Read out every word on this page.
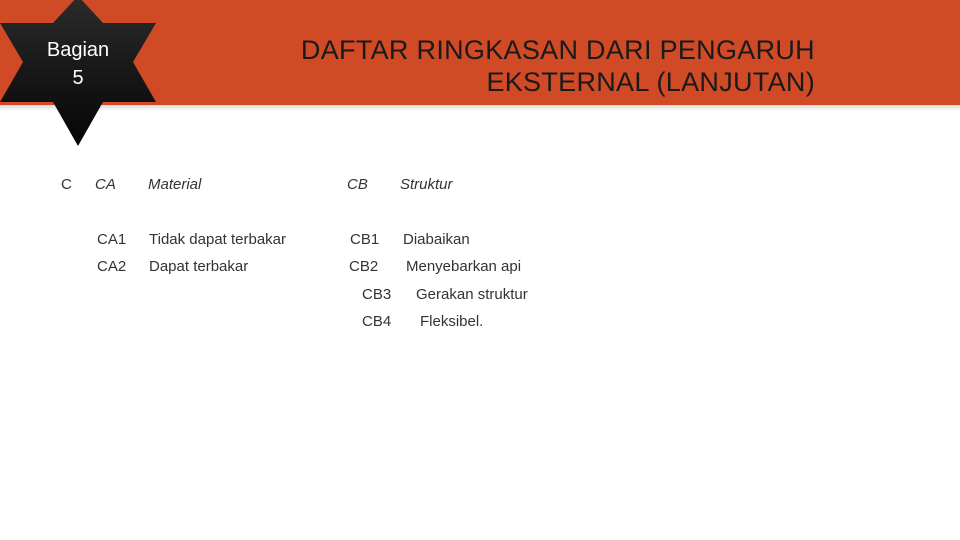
Bagian
5
DAFTAR RINGKASAN DARI PENGARUH
EKSTERNAL (LANJUTAN)
C CA Material	CB Struktur
CA1 Tidak dapat terbakar
CA2 Dapat terbakar
CB1 Diabaikan
CB2 Menyebarkan api
CB3 Gerakan struktur
CB4 Fleksibel.
